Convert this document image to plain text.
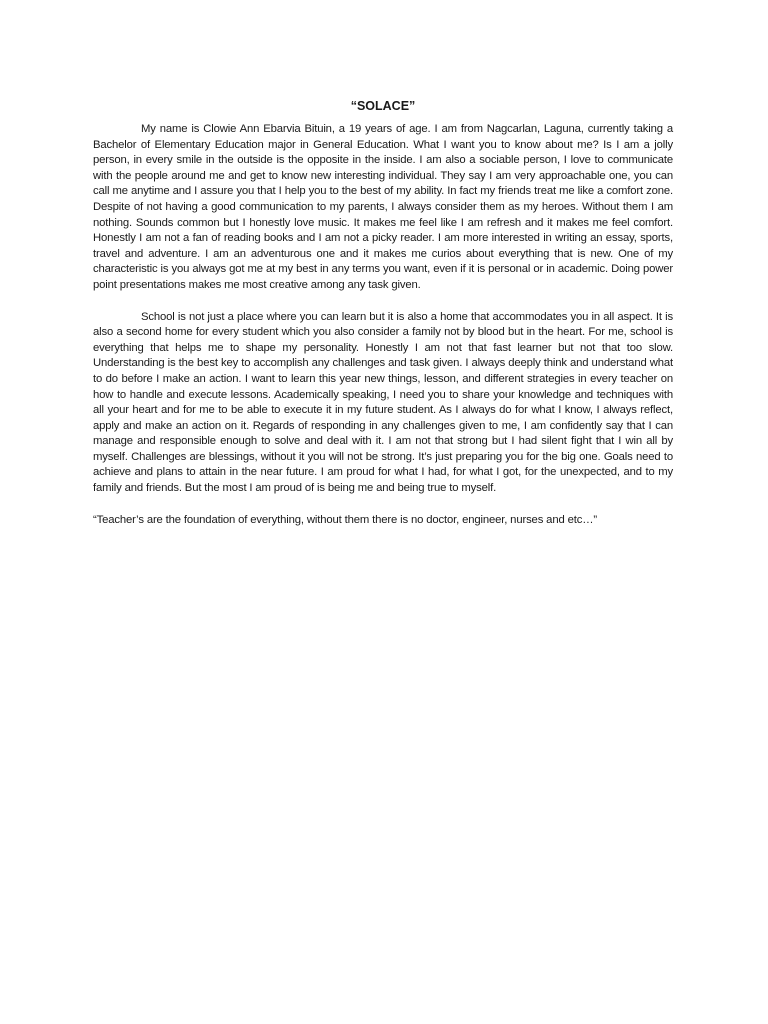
“SOLACE”

My name is Clowie Ann Ebarvia Bituin, a 19 years of age. I am from Nagcarlan, Laguna, currently taking a Bachelor of Elementary Education major in General Education. What I want you to know about me? Is I am a jolly person, in every smile in the outside is the opposite in the inside. I am also a sociable person, I love to communicate with the people around me and get to know new interesting individual. They say I am very approachable one, you can call me anytime and I assure you that I help you to the best of my ability. In fact my friends treat me like a comfort zone. Despite of not having a good communication to my parents, I always consider them as my heroes. Without them I am nothing. Sounds common but I honestly love music. It makes me feel like I am refresh and it makes me feel comfort. Honestly I am not a fan of reading books and I am not a picky reader. I am more interested in writing an essay, sports, travel and adventure. I am an adventurous one and it makes me curios about everything that is new. One of my characteristic is you always got me at my best in any terms you want, even if it is personal or in academic. Doing power point presentations makes me most creative among any task given.

School is not just a place where you can learn but it is also a home that accommodates you in all aspect. It is also a second home for every student which you also consider a family not by blood but in the heart. For me, school is everything that helps me to shape my personality. Honestly I am not that fast learner but not that too slow. Understanding is the best key to accomplish any challenges and task given. I always deeply think and understand what to do before I make an action. I want to learn this year new things, lesson, and different strategies in every teacher on how to handle and execute lessons. Academically speaking, I need you to share your knowledge and techniques with all your heart and for me to be able to execute it in my future student. As I always do for what I know, I always reflect, apply and make an action on it. Regards of responding in any challenges given to me, I am confidently say that I can manage and responsible enough to solve and deal with it. I am not that strong but I had silent fight that I win all by myself. Challenges are blessings, without it you will not be strong. It’s just preparing you for the big one. Goals need to achieve and plans to attain in the near future. I am proud for what I had, for what I got, for the unexpected, and to my family and friends. But the most I am proud of is being me and being true to myself.

“Teacher’s are the foundation of everything, without them there is no doctor, engineer, nurses and etc…”
